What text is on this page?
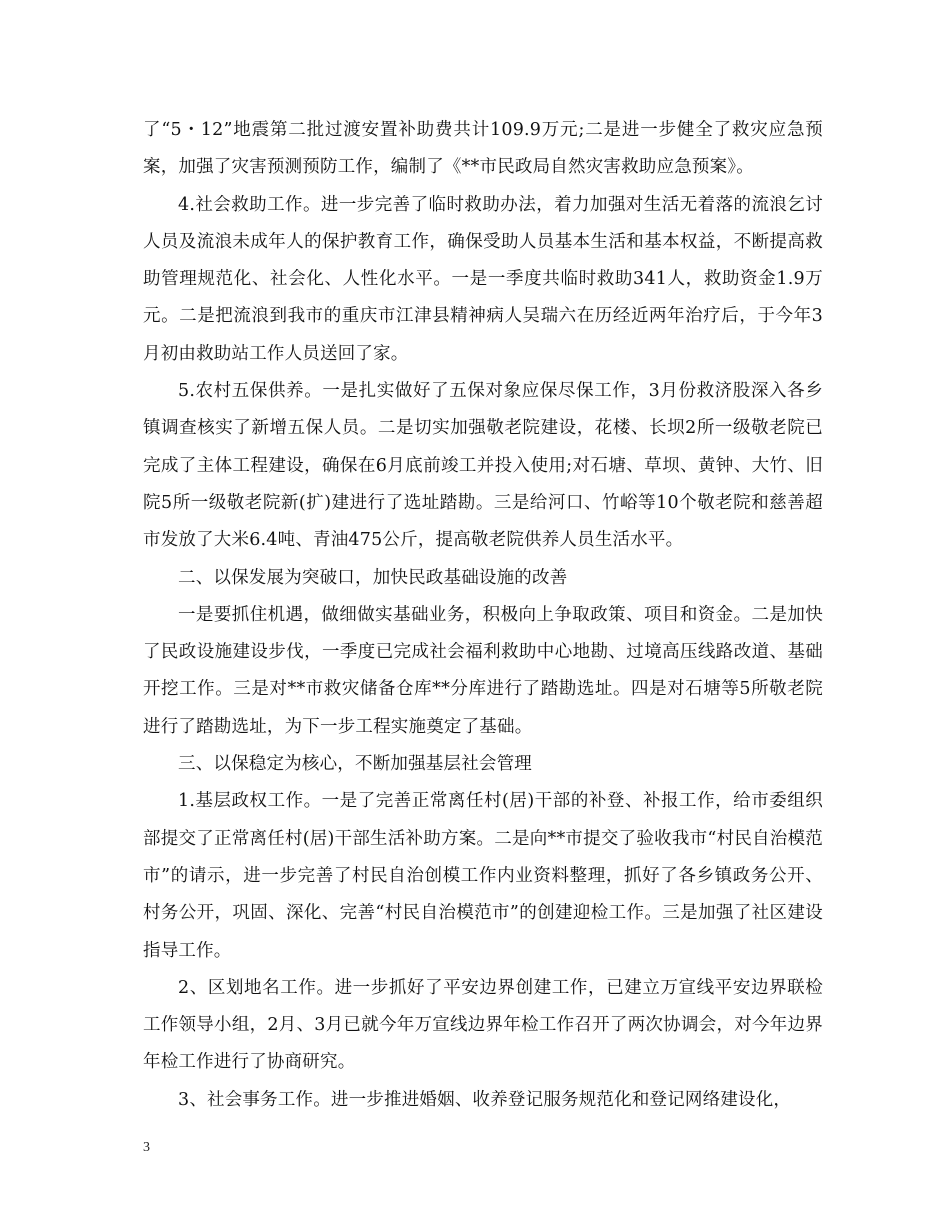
了“5・12”地震第二批过渡安置补助费共计109.9万元;二是进一步健全了救灾应急预案，加强了灾害预测预防工作，编制了《**市民政局自然灾害救助应急预案》。

4.社会救助工作。进一步完善了临时救助办法，着力加强对生活无着落的流浪乞讨人员及流浪未成年人的保护教育工作，确保受助人员基本生活和基本权益，不断提高救助管理规范化、社会化、人性化水平。一是一季度共临时救助341人，救助资金1.9万元。二是把流浪到我市的重庆市江津县精神病人吴瑞六在历经近两年治疗后，于今年3月初由救助站工作人员送回了家。

5.农村五保供养。一是扎实做好了五保对象应保尽保工作，3月份救济股深入各乡镇调查核实了新增五保人员。二是切实加强敬老院建设，花楼、长坝2所一级敬老院已完成了主体工程建设，确保在6月底前竣工并投入使用;对石塘、草坝、黄钟、大竹、旧院5所一级敬老院新(扩)建进行了选址踏勘。三是给河口、竹峪等10个敬老院和慈善超市发放了大米6.4吨、青油475公斤，提高敬老院供养人员生活水平。

二、以保发展为突破口，加快民政基础设施的改善

一是要抓住机遇，做细做实基础业务，积极向上争取政策、项目和资金。二是加快了民政设施建设步伐，一季度已完成社会福利救助中心地勘、过境高压线路改道、基础开挖工作。三是对**市救灾储备仓库**分库进行了踏勘选址。四是对石塘等5所敬老院进行了踏勘选址，为下一步工程实施奠定了基础。

三、以保稳定为核心，不断加强基层社会管理

1.基层政权工作。一是了完善正常离任村(居)干部的补登、补报工作，给市委组织部提交了正常离任村(居)干部生活补助方案。二是向**市提交了验收我市“村民自治模范市”的请示，进一步完善了村民自治创模工作内业资料整理，抓好了各乡镇政务公开、村务公开，巩固、深化、完善“村民自治模范市”的创建迎检工作。三是加强了社区建设指导工作。

2、区划地名工作。进一步抓好了平安边界创建工作，已建立万宣线平安边界联检工作领导小组，2月、3月已就今年万宣线边界年检工作召开了两次协调会，对今年边界年检工作进行了协商研究。

3、社会事务工作。进一步推进婚姻、收养登记服务规范化和登记网络建设化，

3
